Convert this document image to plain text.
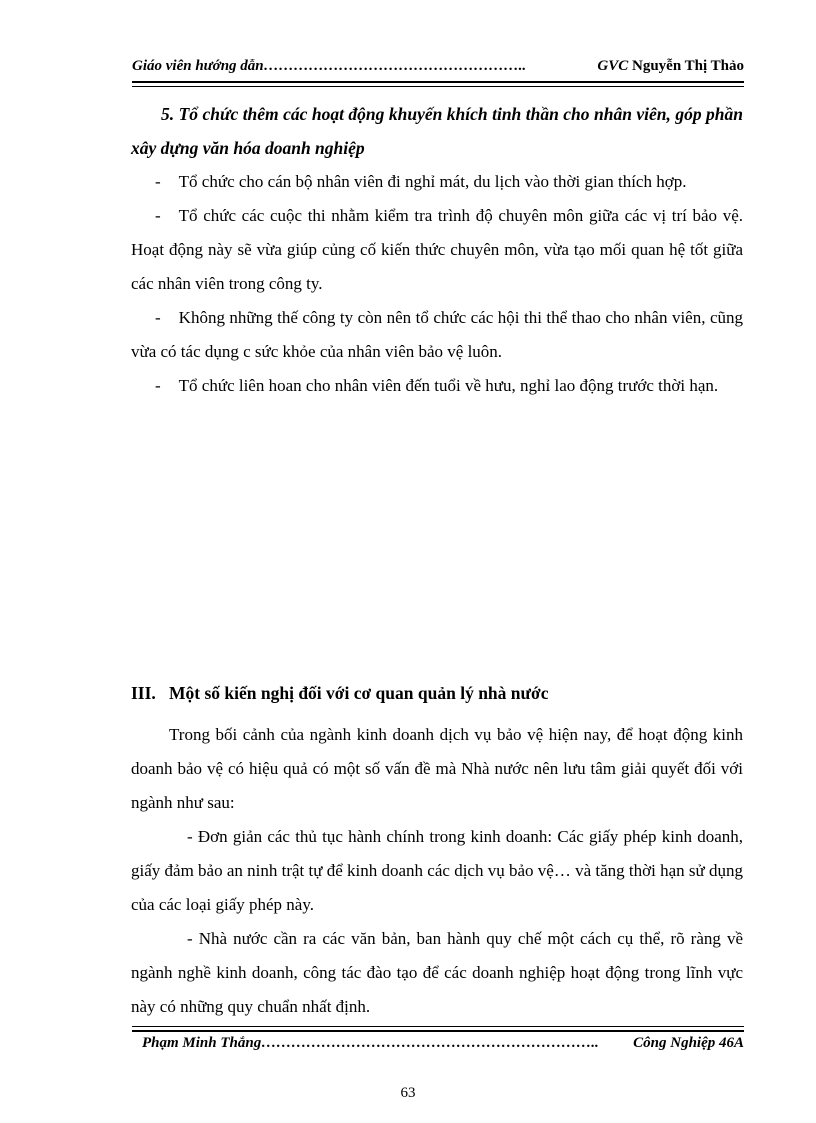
Giáo viên hướng dẫn……………………………………………..	GVC Nguyễn Thị Thảo

5. Tổ chức thêm các hoạt động khuyến khích tinh thần cho nhân viên, góp phần xây dựng văn hóa doanh nghiệp

- Tổ chức cho cán bộ nhân viên đi nghỉ mát, du lịch vào thời gian thích hợp.

- Tổ chức các cuộc thi nhằm kiểm tra trình độ chuyên môn giữa các vị trí bảo vệ. Hoạt động này sẽ vừa giúp củng cố kiến thức chuyên môn, vừa tạo mối quan hệ tốt giữa các nhân viên trong công ty.

- Không những thế công ty còn nên tổ chức các hội thi thể thao cho nhân viên, cũng vừa có tác dụng c sức khỏe của nhân viên bảo vệ luôn.

- Tổ chức liên hoan cho nhân viên đến tuổi về hưu, nghỉ lao động trước thời hạn.

III. Một số kiến nghị đối với cơ quan quản lý nhà nước

Trong bối cảnh của ngành kinh doanh dịch vụ bảo vệ hiện nay, để hoạt động kinh doanh bảo vệ có hiệu quả có một số vấn đề mà Nhà nước nên lưu tâm giải quyết đối với ngành như sau:

- Đơn giản các thủ tục hành chính trong kinh doanh: Các giấy phép kinh doanh, giấy đảm bảo an ninh trật tự để kinh doanh các dịch vụ bảo vệ… và tăng thời hạn sử dụng của các loại giấy phép này.

- Nhà nước cần ra các văn bản, ban hành quy chế một cách cụ thể, rõ ràng về ngành nghề kinh doanh, công tác đào tạo để các doanh nghiệp hoạt động trong lĩnh vực này có những quy chuẩn nhất định.

Phạm Minh Thắng………………………………………………………….. Công Nghiệp 46A
63
